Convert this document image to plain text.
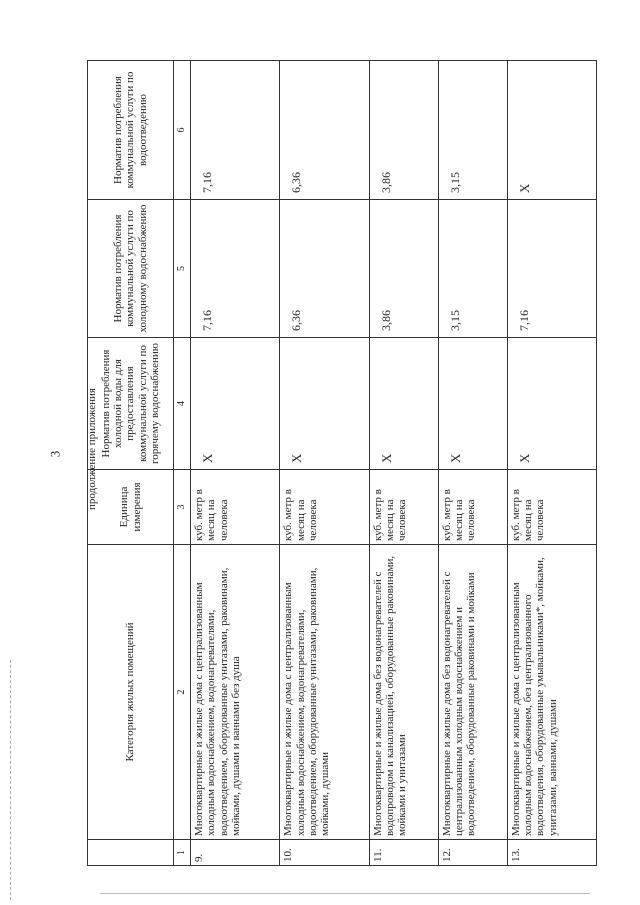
3 продолжение приложения
	Категория жилых помещений	Единица измерения	Норматив потребления холодной воды для предоставления коммунальной услуги по горячему водоснабжению	Норматив потребления коммунальной услуги по холодному водоснабжению	Норматив потребления коммунальной услуги по водоотведению
1	2	3	4	5	6
9.	Многоквартирные и жилые дома с централизованным холодным водоснабжением, водонагревателями, водоотведением, оборудованные унитазами, раковинами, мойками, душами и ваннами без душа	куб. метр в месяц на человека	X	7,16	7,16
10.	Многоквартирные и жилые дома с централизованным холодным водоснабжением, водонагревателями, водоотведением, оборудованные унитазами, раковинами, мойками, душами	куб. метр в месяц на человека	X	6,36	6,36
11.	Многоквартирные и жилые дома без водонагревателей с водопроводом и канализацией, оборудованные раковинами, мойками и унитазами	куб. метр в месяц на человека	X	3,86	3,86
12.	Многоквартирные и жилые дома без водонагревателей с централизованным холодным водоснабжением и водоотведением, оборудованные раковинами и мойками	куб. метр в месяц на человека	X	3,15	3,15
13.	Многоквартирные и жилые дома с централизованным холодным водоснабжением, без централизованного водоотведения, оборудованные умывальниками*, мойками, унитазами, ваннами, душами	куб. метр в месяц на человека	X	7,16	X
